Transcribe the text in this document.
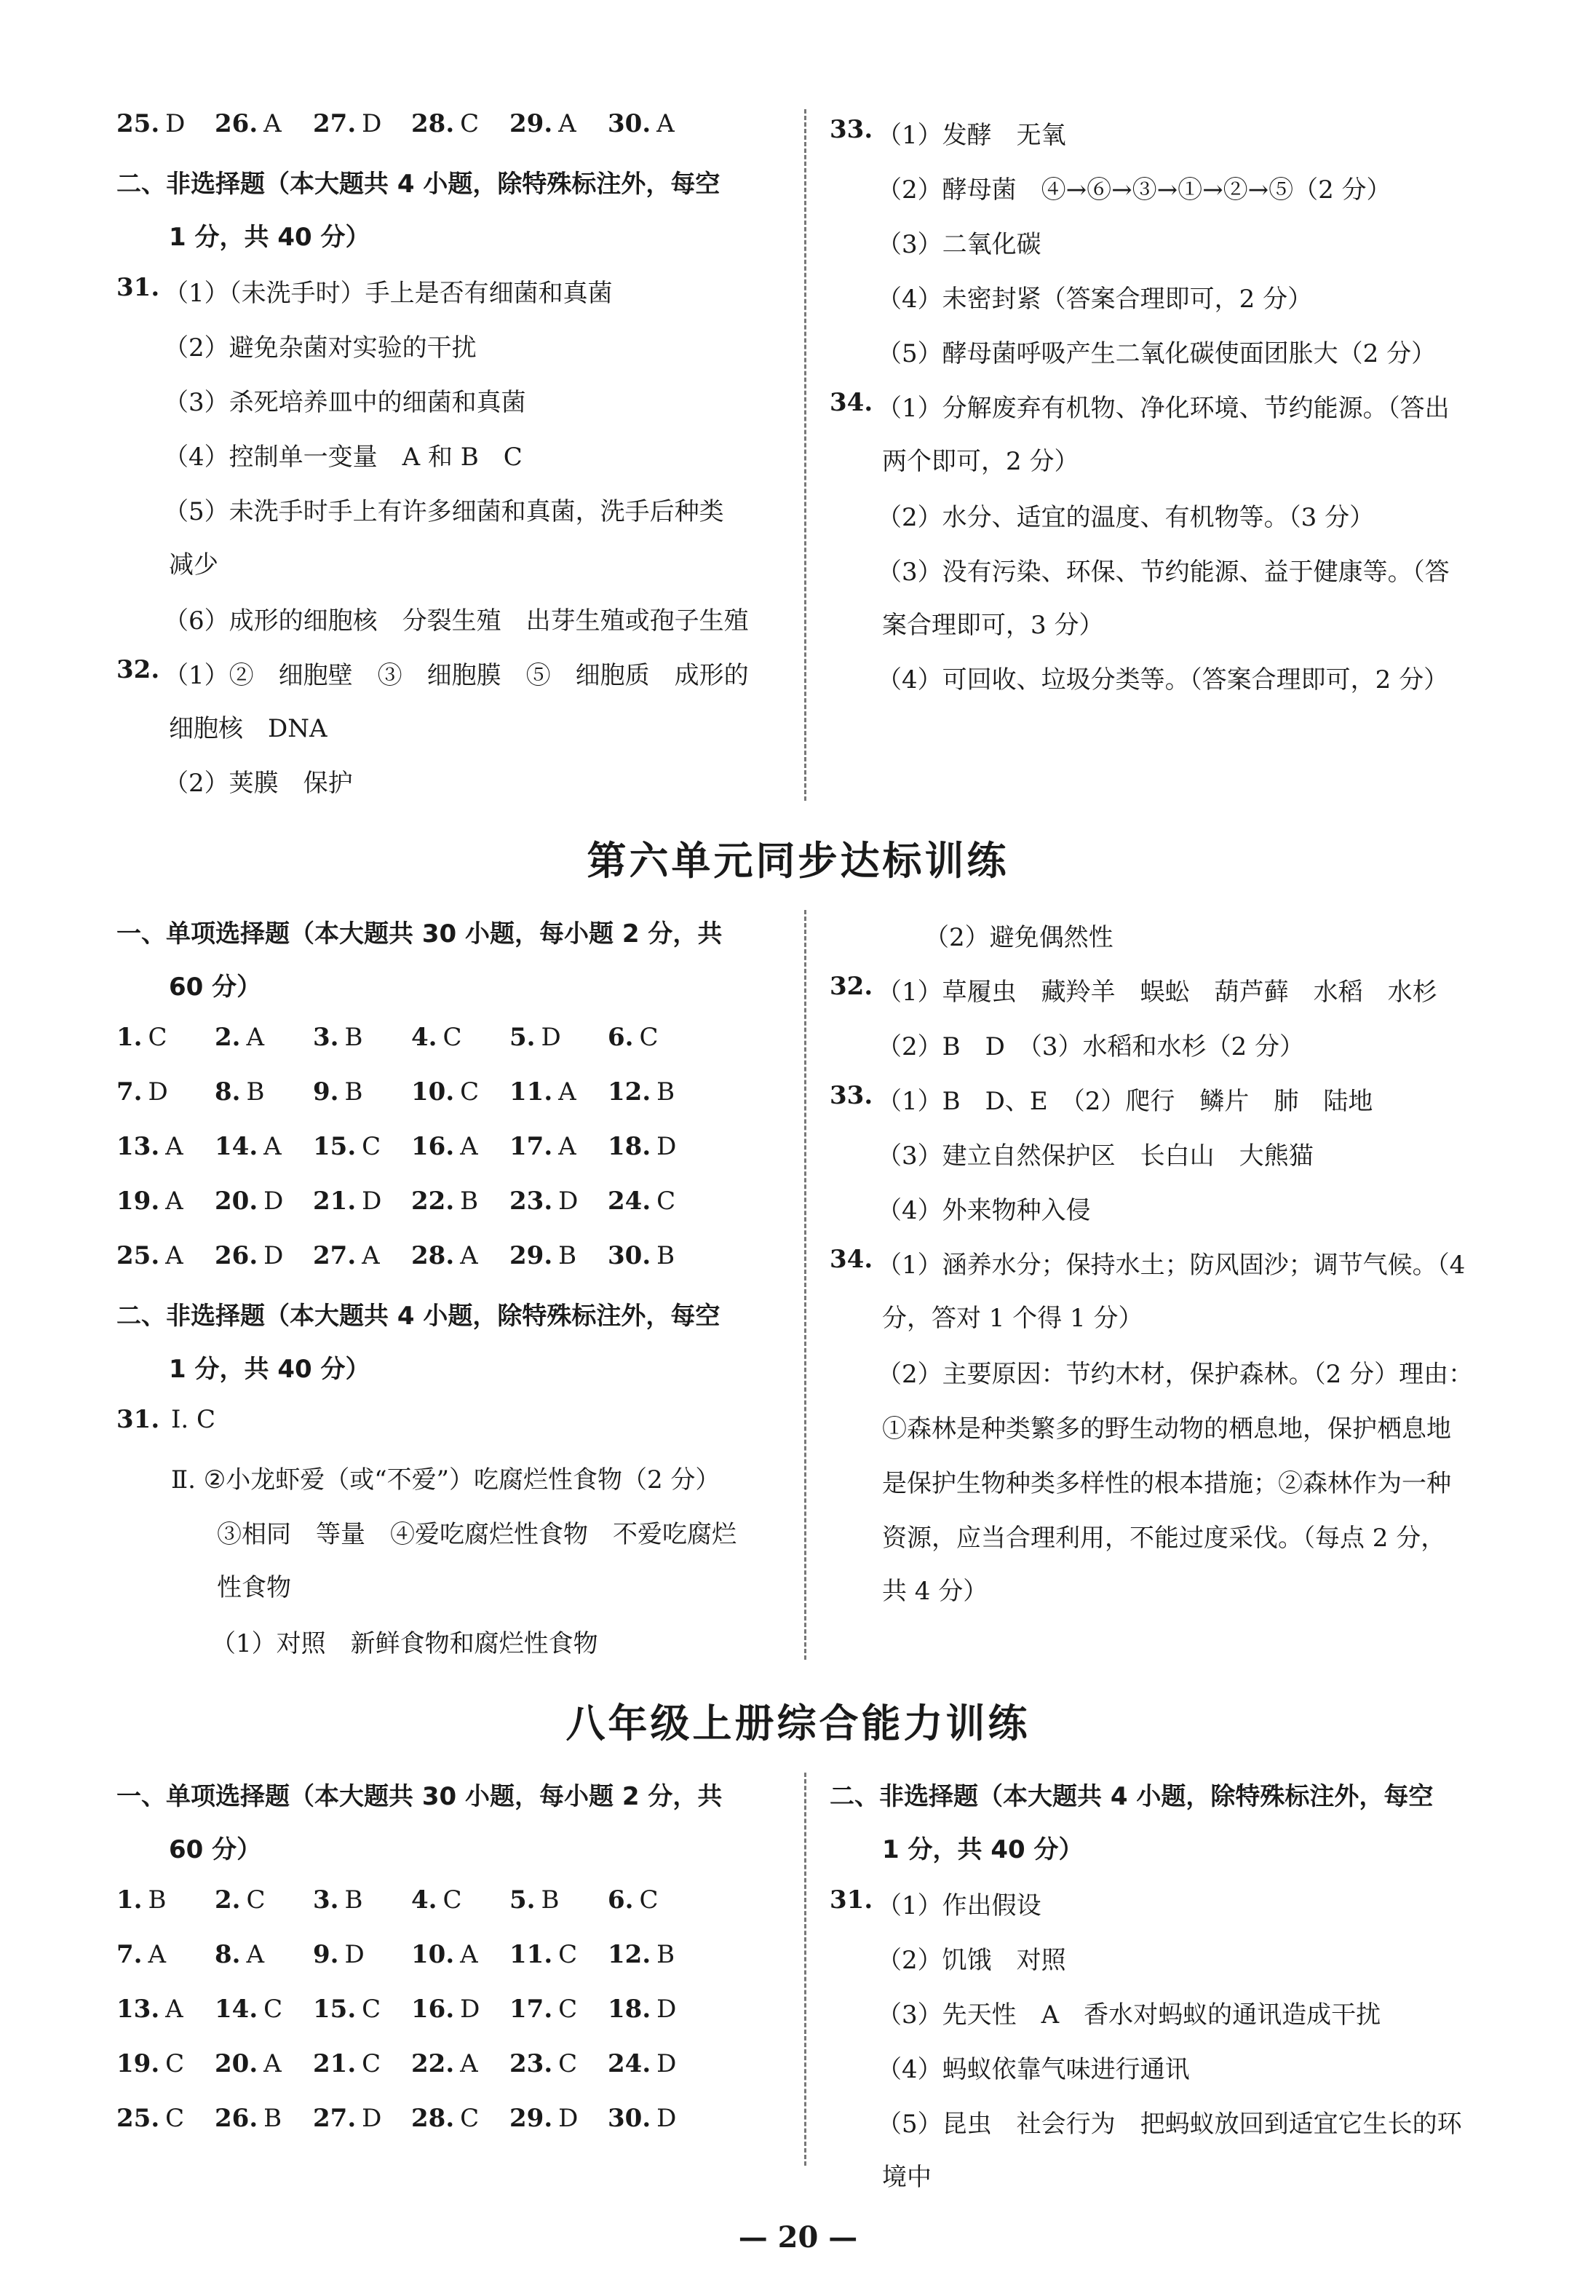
25. D 26. A 27. D 28. C 29. A 30. A
二、非选择题（本大题共 4 小题，除特殊标注外，每空
1 分，共 40 分）
31. （1）（未洗手时）手上是否有细菌和真菌
（2）避免杂菌对实验的干扰
（3）杀死培养皿中的细菌和真菌
（4）控制单一变量　A 和 B　C
（5）未洗手时手上有许多细菌和真菌，洗手后种类
减少
（6）成形的细胞核　分裂生殖　出芽生殖或孢子生殖
32. （1）②　细胞壁　③　细胞膜　⑤　细胞质　成形的
细胞核　DNA
（2）荚膜　保护
33. （1）发酵　无氧
（2）酵母菌　④→⑥→③→①→②→⑤（2 分）
（3）二氧化碳
（4）未密封紧（答案合理即可，2 分）
（5）酵母菌呼吸产生二氧化碳使面团胀大（2 分）
34. （1）分解废弃有机物、净化环境、节约能源。（答出
两个即可，2 分）
（2）水分、适宜的温度、有机物等。（3 分）
（3）没有污染、环保、节约能源、益于健康等。（答
案合理即可，3 分）
（4）可回收、垃圾分类等。（答案合理即可，2 分）
第六单元同步达标训练
一、单项选择题（本大题共 30 小题，每小题 2 分，共
60 分）
1. C 2. A 3. B 4. C 5. D 6. C
7. D 8. B 9. B 10. C 11. A 12. B
13. A 14. A 15. C 16. A 17. A 18. D
19. A 20. D 21. D 22. B 23. D 24. C
25. A 26. D 27. A 28. A 29. B 30. B
二、非选择题（本大题共 4 小题，除特殊标注外，每空
1 分，共 40 分）
31. Ⅰ. C
Ⅱ. ②小龙虾爱（或“不爱”）吃腐烂性食物（2 分）
③相同　等量　④爱吃腐烂性食物　不爱吃腐烂
性食物
（1）对照　新鲜食物和腐烂性食物
（2）避免偶然性
32. （1）草履虫　藏羚羊　蜈蚣　葫芦藓　水稻　水杉
（2）B　D　（3）水稻和水杉（2 分）
33. （1）B　D、E　（2）爬行　鳞片　肺　陆地
（3）建立自然保护区　长白山　大熊猫
（4）外来物种入侵
34. （1）涵养水分；保持水土；防风固沙；调节气候。（4
分，答对 1 个得 1 分）
（2）主要原因：节约木材，保护森林。（2 分）理由：
①森林是种类繁多的野生动物的栖息地，保护栖息地
是保护生物种类多样性的根本措施；②森林作为一种
资源，应当合理利用，不能过度采伐。（每点 2 分，
共 4 分）
八年级上册综合能力训练
一、单项选择题（本大题共 30 小题，每小题 2 分，共
60 分）
1. B 2. C 3. B 4. C 5. B 6. C
7. A 8. A 9. D 10. A 11. C 12. B
13. A 14. C 15. C 16. D 17. C 18. D
19. C 20. A 21. C 22. A 23. C 24. D
25. C 26. B 27. D 28. C 29. D 30. D
二、非选择题（本大题共 4 小题，除特殊标注外，每空
1 分，共 40 分）
31. （1）作出假设
（2）饥饿　对照
（3）先天性　A　香水对蚂蚁的通讯造成干扰
（4）蚂蚁依靠气味进行通讯
（5）昆虫　社会行为　把蚂蚁放回到适宜它生长的环
境中
— 20 —
